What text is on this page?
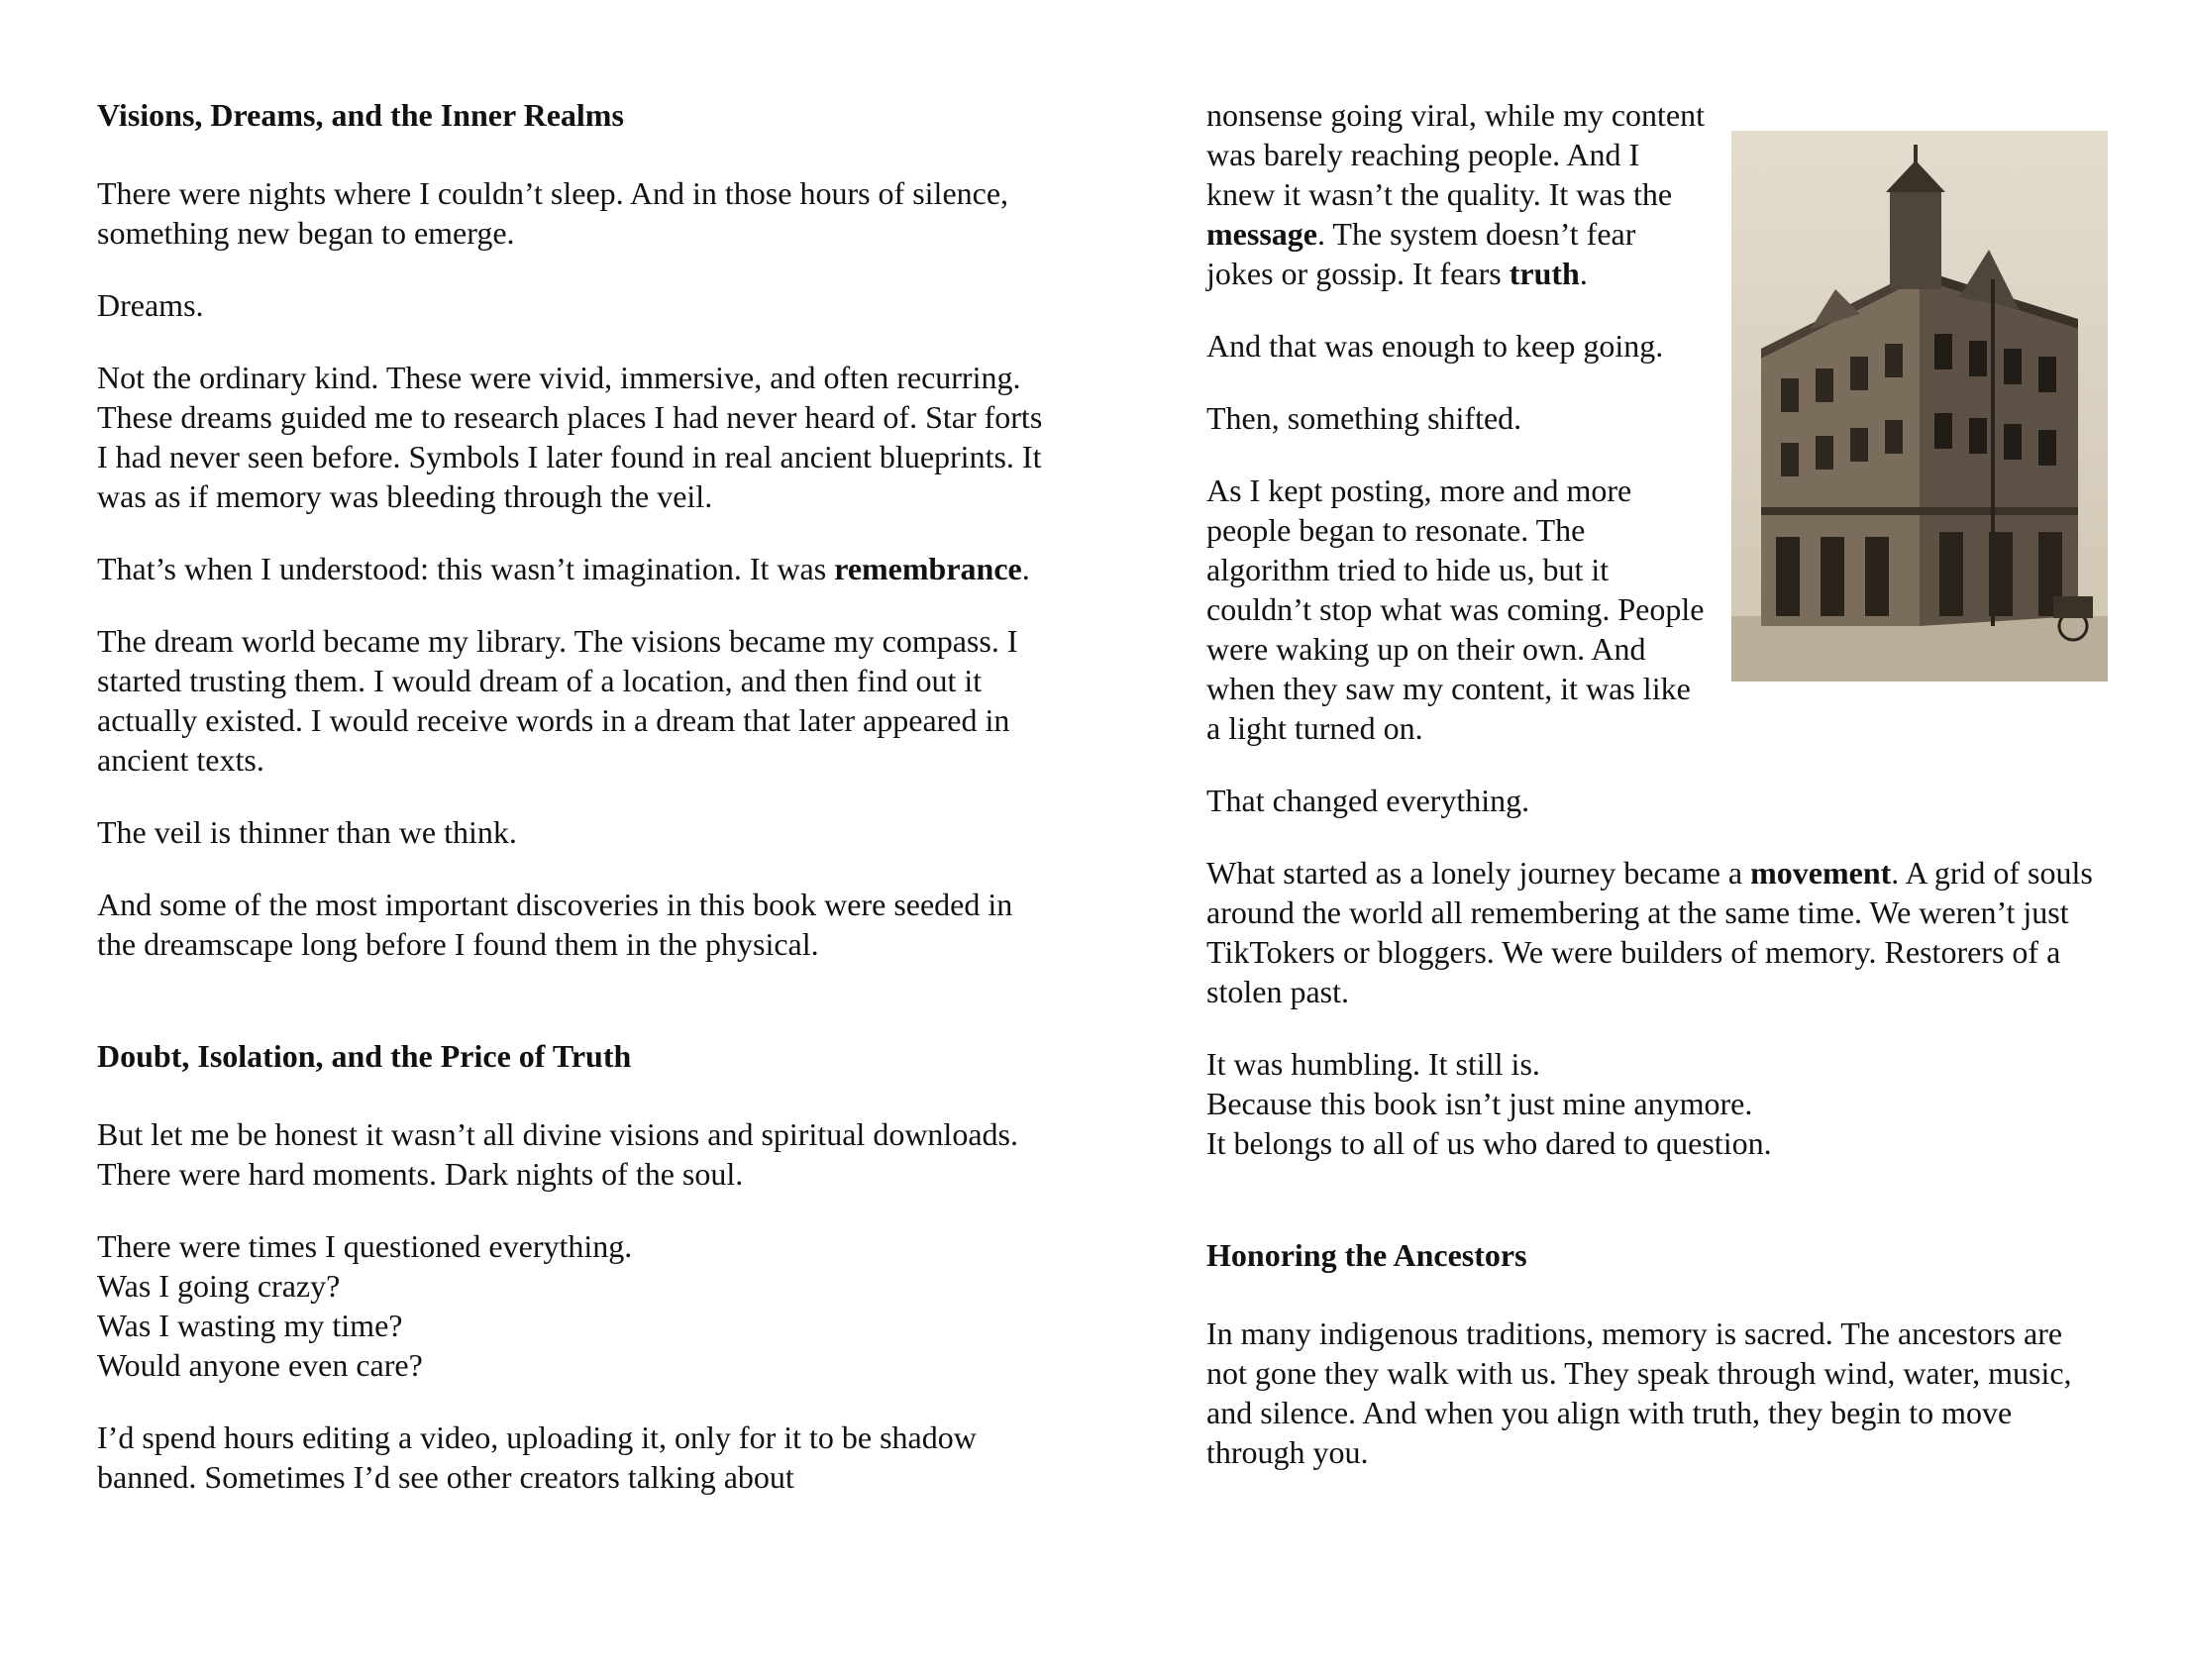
Visions, Dreams, and the Inner Realms

There were nights where I couldn’t sleep. And in those hours of silence, something new began to emerge.

Dreams.

Not the ordinary kind. These were vivid, immersive, and often recurring. These dreams guided me to research places I had never heard of. Star forts I had never seen before. Symbols I later found in real ancient blueprints. It was as if memory was bleeding through the veil.

That’s when I understood: this wasn’t imagination. It was remembrance.

The dream world became my library. The visions became my compass. I started trusting them. I would dream of a location, and then find out it actually existed. I would receive words in a dream that later appeared in ancient texts.

The veil is thinner than we think.

And some of the most important discoveries in this book were seeded in the dreamscape long before I found them in the physical.

Doubt, Isolation, and the Price of Truth

But let me be honest it wasn’t all divine visions and spiritual downloads. There were hard moments. Dark nights of the soul.

There were times I questioned everything.
Was I going crazy?
Was I wasting my time?
Would anyone even care?

I’d spend hours editing a video, uploading it, only for it to be shadow banned. Sometimes I’d see other creators talking about

nonsense going viral, while my content was barely reaching people. And I knew it wasn’t the quality. It was the message. The system doesn’t fear jokes or gossip. It fears truth.

And that was enough to keep going.

Then, something shifted.

As I kept posting, more and more people began to resonate. The algorithm tried to hide us, but it couldn’t stop what was coming. People were waking up on their own. And when they saw my content, it was like a light turned on.

That changed everything.

What started as a lonely journey became a movement. A grid of souls around the world all remembering at the same time. We weren’t just TikTokers or bloggers. We were builders of memory. Restorers of a stolen past.

It was humbling. It still is.
Because this book isn’t just mine anymore.
It belongs to all of us who dared to question.

Honoring the Ancestors

In many indigenous traditions, memory is sacred. The ancestors are not gone they walk with us. They speak through wind, water, music, and silence. And when you align with truth, they begin to move through you.
